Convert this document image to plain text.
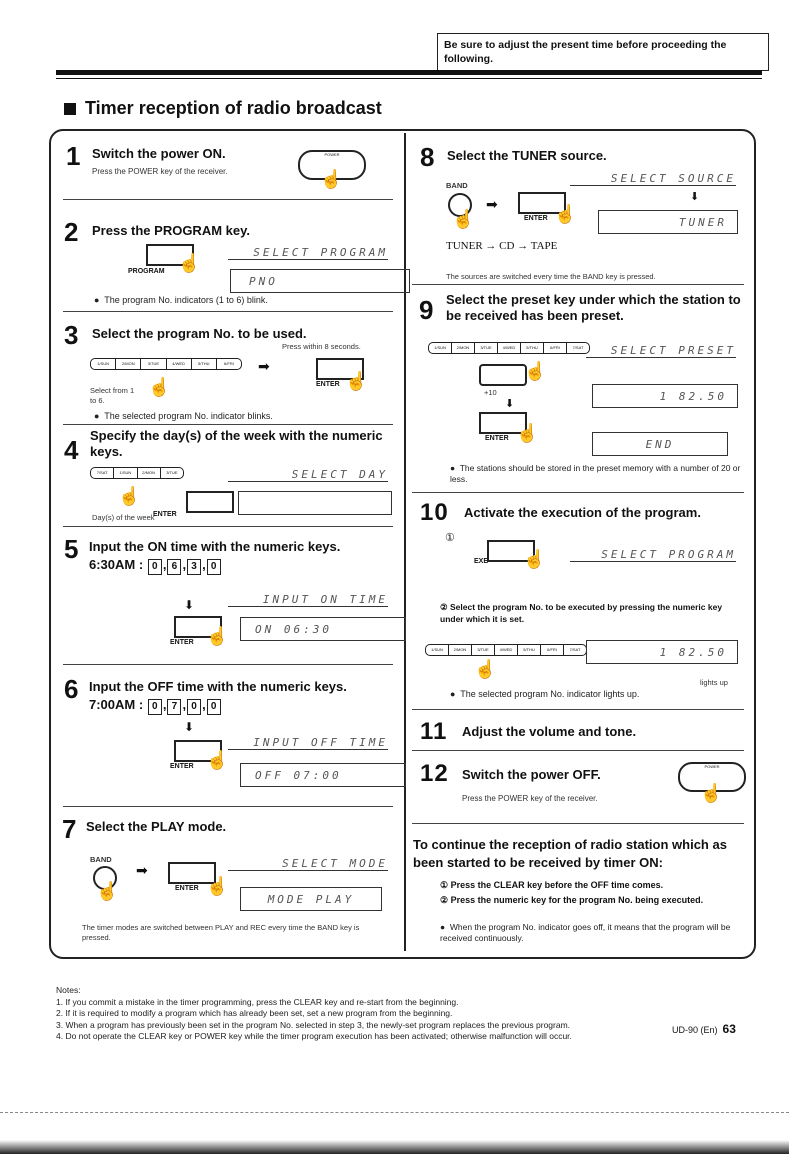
Be sure to adjust the present time before proceeding the following.
Timer reception of radio broadcast
1 Switch the power ON.
Press the POWER key of the receiver.
POWER
☝
2 Press the PROGRAM key.
PROGRAM ☝
SELECT PROGRAM
PNO
●  The program No. indicators (1 to 6) blink.
3 Select the program No. to be used.
Press within 8 seconds.
1/SUN	2/MON	3/TUE	4/WED	5/THU	6/FRI
Select from 1 to 6.
☝
➡
ENTER ☝
●  The selected program No. indicator blinks.
4 Specify the day(s) of the week with the numeric keys.
7/SAT	1/SUN	2/MON	3/TUE
☝
SELECT DAY
ENTER
Day(s) of the week
5 Input the ON time with the numeric keys.
6:30AM : 0 , 6 , 3 , 0
INPUT ON TIME
⬇
ENTER ☝ ON 06:30
6 Input the OFF time with the numeric keys.
7:00AM : 0 , 7 , 0 , 0
⬇
INPUT OFF TIME
ENTER ☝
OFF 07:00
7 Select the PLAY mode.
BAND
☝
➡
ENTER ☝
SELECT MODE
MODE PLAY
The timer modes are switched between PLAY and REC every time the BAND key is pressed.
8 Select the TUNER source.
BAND
SELECT SOURCE
☝
➡
ENTER ☝
⬇
TUNER
TUNER → CD → TAPE
The sources are switched every time the BAND key is pressed.
9 Select the preset key under which the station to be received has been preset.
1/SUN	2/MON	3/TUE	4/WED	5/THU	6/FRI	7/SAT	SELECT PRESET
☝
+10
⬇
1 82.50
ENTER ☝
END
●  The stations should be stored in the preset memory with a number of 20 or less.
10 Activate the execution of the program.
①
EXE ☝	SELECT PROGRAM
② Select the program No. to be executed by pressing the numeric key under which it is set.
1/SUN	2/MON	3/TUE	4/WED	5/THU	6/FRI	7/SAT	1 82.50
☝
lights up
●  The selected program No. indicator lights up.
11 Adjust the volume and tone.
12 Switch the power OFF.
Press the POWER key of the receiver.
POWER
☝
To continue the reception of radio station which as been started to be received by timer ON:
① Press the CLEAR key before the OFF time comes.
② Press the numeric key for the program No. being executed.
●  When the program No. indicator goes off, it means that the program will be received continuously.
Notes:
1. If you commit a mistake in the timer programming, press the CLEAR key and re-start from the beginning.
2. If it is required to modify a program which has already been set, set a new program from the beginning.
3. When a program has previously been set in the program No. selected in step 3, the newly-set program replaces the previous program.
4. Do not operate the CLEAR key or POWER key while the timer program execution has been activated; otherwise malfunction will occur.
UD-90 (En) 63
